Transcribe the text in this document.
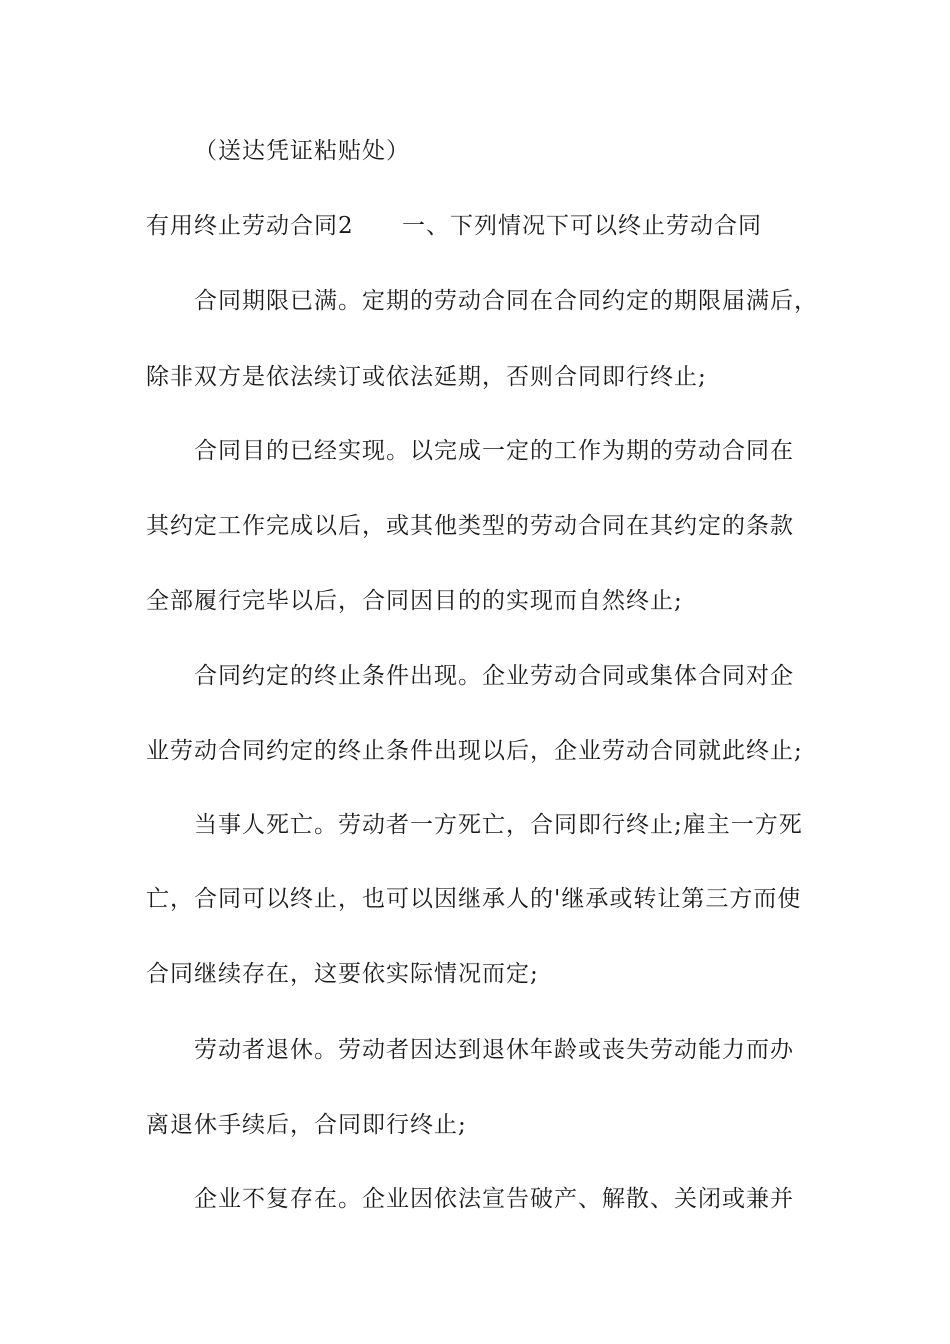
（送达凭证粘贴处）
有用终止劳动合同2	一、下列情况下可以终止劳动合同
合同期限已满。定期的劳动合同在合同约定的期限届满后，
除非双方是依法续订或依法延期，否则合同即行终止;
合同目的已经实现。以完成一定的工作为期的劳动合同在
其约定工作完成以后，或其他类型的劳动合同在其约定的条款
全部履行完毕以后，合同因目的的实现而自然终止;
合同约定的终止条件出现。企业劳动合同或集体合同对企
业劳动合同约定的终止条件出现以后，企业劳动合同就此终止;
当事人死亡。劳动者一方死亡，合同即行终止;雇主一方死
亡，合同可以终止，也可以因继承人的'继承或转让第三方而使
合同继续存在，这要依实际情况而定;
劳动者退休。劳动者因达到退休年龄或丧失劳动能力而办
离退休手续后，合同即行终止;
企业不复存在。企业因依法宣告破产、解散、关闭或兼并
